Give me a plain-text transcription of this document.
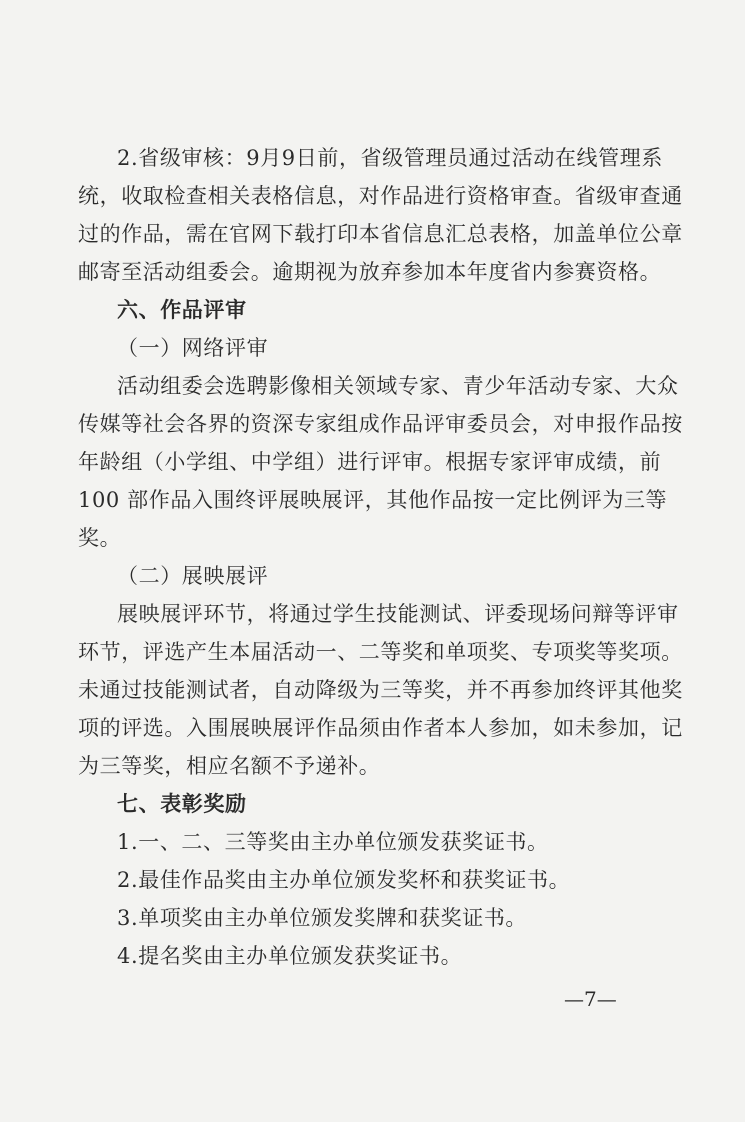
2.省级审核：9月9日前，省级管理员通过活动在线管理系
统，收取检查相关表格信息，对作品进行资格审查。省级审查通
过的作品，需在官网下载打印本省信息汇总表格，加盖单位公章
邮寄至活动组委会。逾期视为放弃参加本年度省内参赛资格。
六、作品评审
（一）网络评审
活动组委会选聘影像相关领域专家、青少年活动专家、大众
传媒等社会各界的资深专家组成作品评审委员会，对申报作品按
年龄组（小学组、中学组）进行评审。根据专家评审成绩，前
100 部作品入围终评展映展评，其他作品按一定比例评为三等
奖。
（二）展映展评
展映展评环节，将通过学生技能测试、评委现场问辩等评审
环节，评选产生本届活动一、二等奖和单项奖、专项奖等奖项。
未通过技能测试者，自动降级为三等奖，并不再参加终评其他奖
项的评选。入围展映展评作品须由作者本人参加，如未参加，记
为三等奖，相应名额不予递补。
七、表彰奖励
1.一、二、三等奖由主办单位颁发获奖证书。
2.最佳作品奖由主办单位颁发奖杯和获奖证书。
3.单项奖由主办单位颁发奖牌和获奖证书。
4.提名奖由主办单位颁发获奖证书。
—7—
